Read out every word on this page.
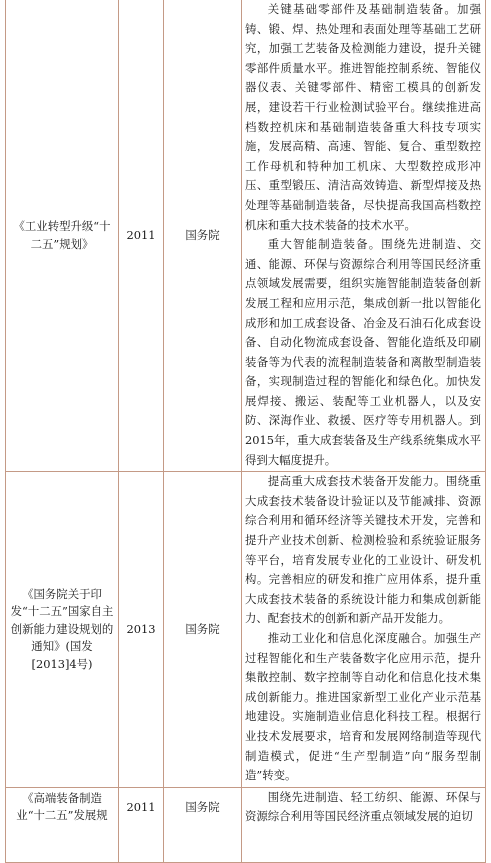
《工业转型升级“十二五”规划》	2011	国务院	关键基础零部件及基础制造装备。加强铸、锻、焊、热处理和表面处理等基础工艺研究，加强工艺装备及检测能力建设，提升关键零部件质量水平。推进智能控制系统、智能仪器仪表、关键零部件、精密工模具的创新发展，建设若干行业检测试验平台。继续推进高档数控机床和基础制造装备重大科技专项实施，发展高精、高速、智能、复合、重型数控工作母机和特种加工机床、大型数控成形冲压、重型锻压、清洁高效铸造、新型焊接及热处理等基础制造装备，尽快提高我国高档数控机床和重大技术装备的技术水平。

重大智能制造装备。围绕先进制造、交通、能源、环保与资源综合利用等国民经济重点领域发展需要，组织实施智能制造装备创新发展工程和应用示范，集成创新一批以智能化成形和加工成套设备、冶金及石油石化成套设备、自动化物流成套设备、智能化造纸及印刷装备等为代表的流程制造装备和离散型制造装备，实现制造过程的智能化和绿色化。加快发展焊接、搬运、装配等工业机器人，以及安防、深海作业、救援、医疗等专用机器人。到2015年，重大成套装备及生产线系统集成水平得到大幅度提升。

《国务院关于印发“十二五”国家自主创新能力建设规划的通知》(国发[2013]4号)	2013	国务院	提高重大成套技术装备开发能力。围绕重大成套技术装备设计验证以及节能减排、资源综合利用和循环经济等关键技术开发，完善和提升产业技术创新、检测检验和系统验证服务等平台，培育发展专业化的工业设计、研发机构。完善相应的研发和推广应用体系，提升重大成套技术装备的系统设计能力和集成创新能力、配套技术的创新和新产品开发能力。

推动工业化和信息化深度融合。加强生产过程智能化和生产装备数字化应用示范，提升集散控制、数字控制等自动化和信息化技术集成创新能力。推进国家新型工业化产业示范基地建设。实施制造业信息化科技工程。根据行业技术发展要求，培育和发展网络制造等现代制造模式，促进“生产型制造”向“服务型制造”转变。

《高端装备制造业“十二五”发展规	2011	国务院	围绕先进制造、轻工纺织、能源、环保与资源综合利用等国民经济重点领域发展的迫切
